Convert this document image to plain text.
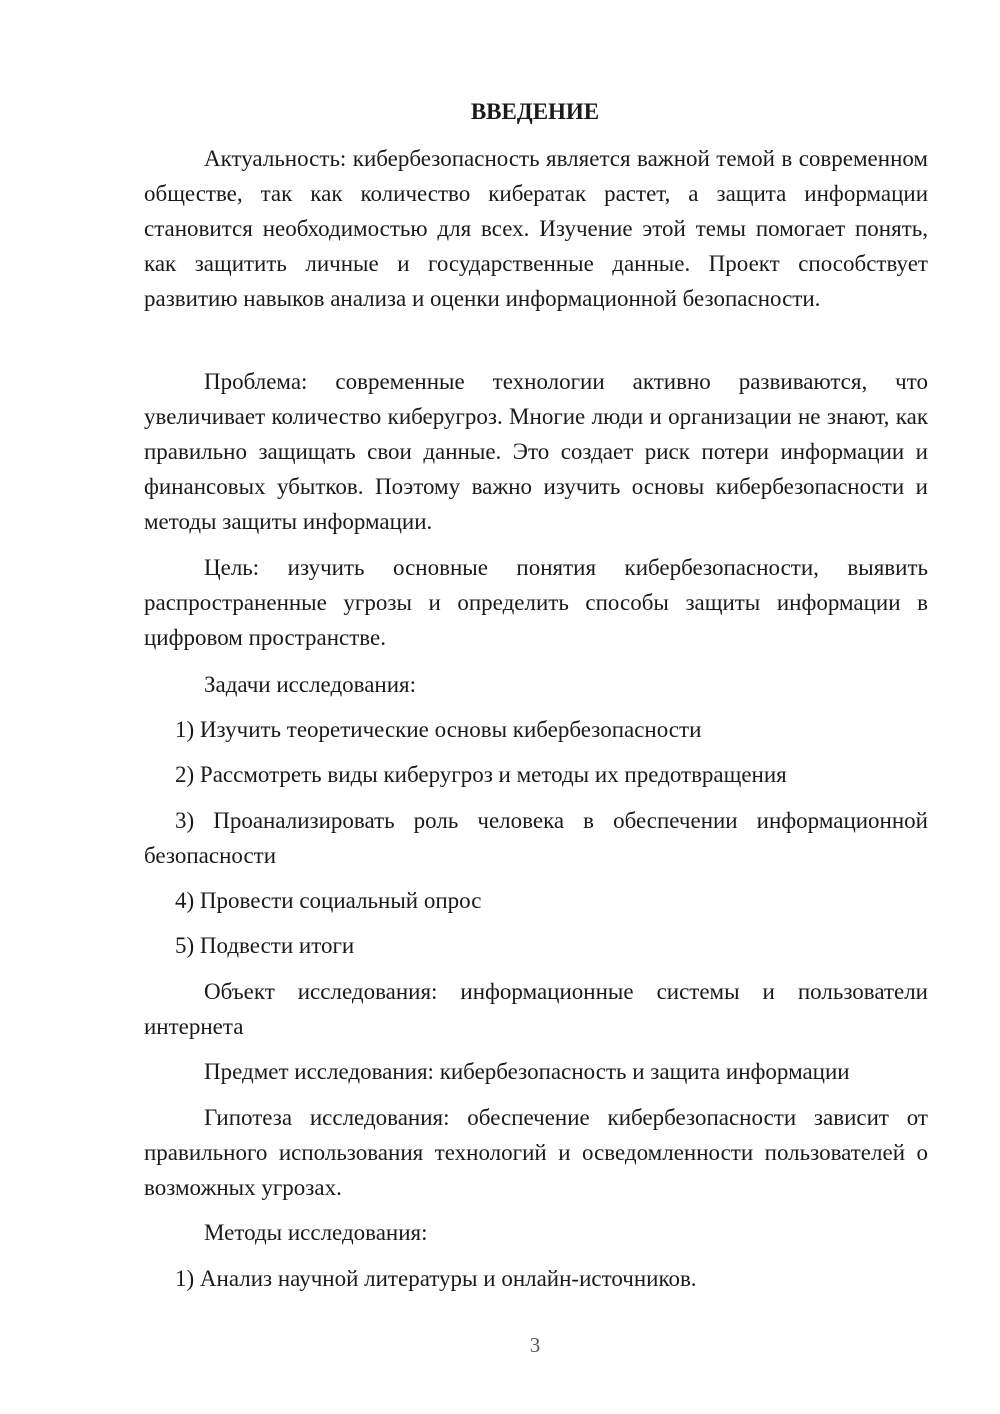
ВВЕДЕНИЕ

Актуальность: кибербезопасность является важной темой в современном обществе, так как количество кибератак растет, а защита информации становится необходимостью для всех. Изучение этой темы помогает понять, как защитить личные и государственные данные. Проект способствует развитию навыков анализа и оценки информационной безопасности.

Проблема: современные технологии активно развиваются, что увеличивает количество киберугроз. Многие люди и организации не знают, как правильно защищать свои данные. Это создает риск потери информации и финансовых убытков. Поэтому важно изучить основы кибербезопасности и методы защиты информации.

Цель: изучить основные понятия кибербезопасности, выявить распространенные угрозы и определить способы защиты информации в цифровом пространстве.

Задачи исследования:

1) Изучить теоретические основы кибербезопасности

2) Рассмотреть виды киберугроз и методы их предотвращения

3) Проанализировать роль человека в обеспечении информационной безопасности

4) Провести социальный опрос

5) Подвести итоги

Объект исследования: информационные системы и пользователи интернета

Предмет исследования: кибербезопасность и защита информации

Гипотеза исследования: обеспечение кибербезопасности зависит от правильного использования технологий и осведомленности пользователей о возможных угрозах.

Методы исследования:

1) Анализ научной литературы и онлайн-источников.

3
